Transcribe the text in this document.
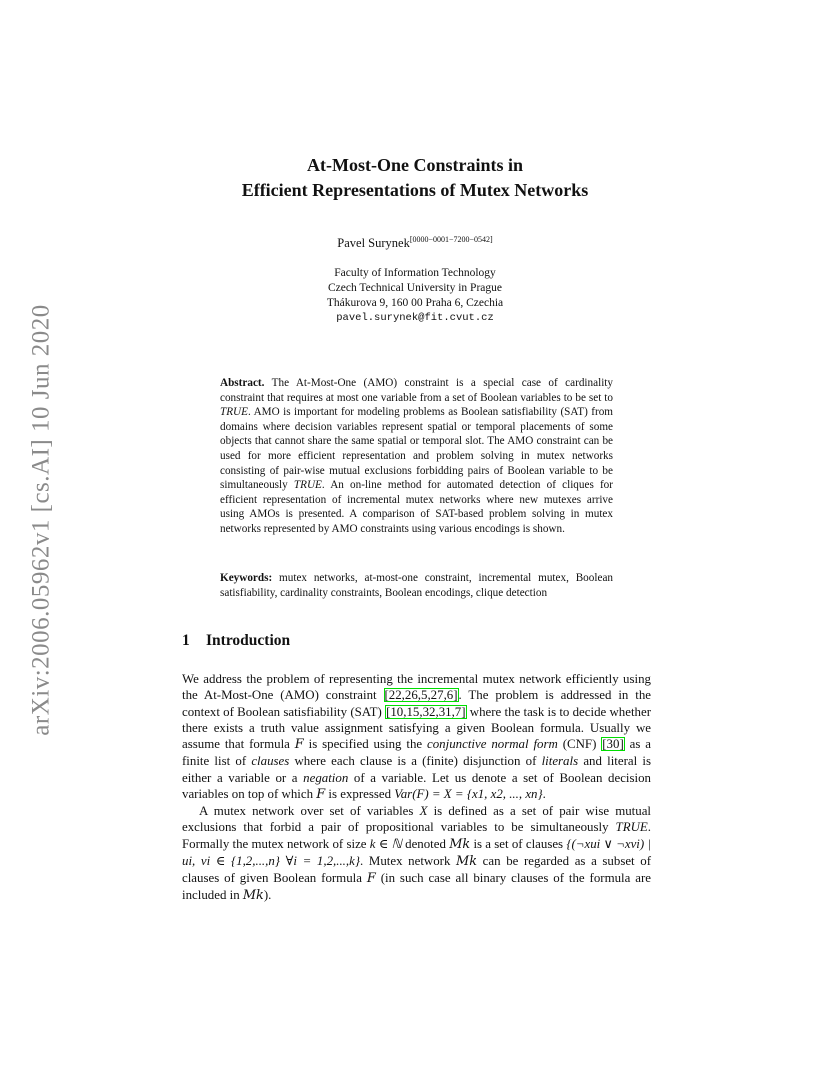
arXiv:2006.05962v1 [cs.AI] 10 Jun 2020
At-Most-One Constraints in
Efficient Representations of Mutex Networks
Pavel Surynek[0000−0001−7200−0542]
Faculty of Information Technology
Czech Technical University in Prague
Thákurova 9, 160 00 Praha 6, Czechia
pavel.surynek@fit.cvut.cz
Abstract. The At-Most-One (AMO) constraint is a special case of cardinality constraint that requires at most one variable from a set of Boolean variables to be set to TRUE. AMO is important for modeling problems as Boolean satisfiability (SAT) from domains where decision variables represent spatial or temporal placements of some objects that cannot share the same spatial or temporal slot. The AMO constraint can be used for more efficient representation and problem solving in mutex networks consisting of pair-wise mutual exclusions forbidding pairs of Boolean variable to be simultaneously TRUE. An on-line method for automated detection of cliques for efficient representation of incremental mutex networks where new mutexes arrive using AMOs is presented. A comparison of SAT-based problem solving in mutex networks represented by AMO constraints using various encodings is shown.
Keywords: mutex networks, at-most-one constraint, incremental mutex, Boolean satisfiability, cardinality constraints, Boolean encodings, clique detection
1 Introduction

We address the problem of representing the incremental mutex network efficiently using the At-Most-One (AMO) constraint [22,26,5,27,6]. The problem is addressed in the context of Boolean satisfiability (SAT) [10,15,32,31,7] where the task is to decide whether there exists a truth value assignment satisfying a given Boolean formula. Usually we assume that formula F is specified using the conjunctive normal form (CNF) [30] as a finite list of clauses where each clause is a (finite) disjunction of literals and literal is either a variable or a negation of a variable. Let us denote a set of Boolean decision variables on top of which F is expressed Var(F) = X = {x1, x2, ..., xn}.

A mutex network over set of variables X is defined as a set of pair wise mutual exclusions that forbid a pair of propositional variables to be simultaneously TRUE. Formally the mutex network of size k ∈ ℕ denoted Mk is a set of clauses {(¬xui ∨ ¬xvi) | ui, vi ∈ {1,2,...,n} ∀i = 1,2,...,k}. Mutex network Mk can be regarded as a subset of clauses of given Boolean formula F (in such case all binary clauses of the formula are included in Mk).
